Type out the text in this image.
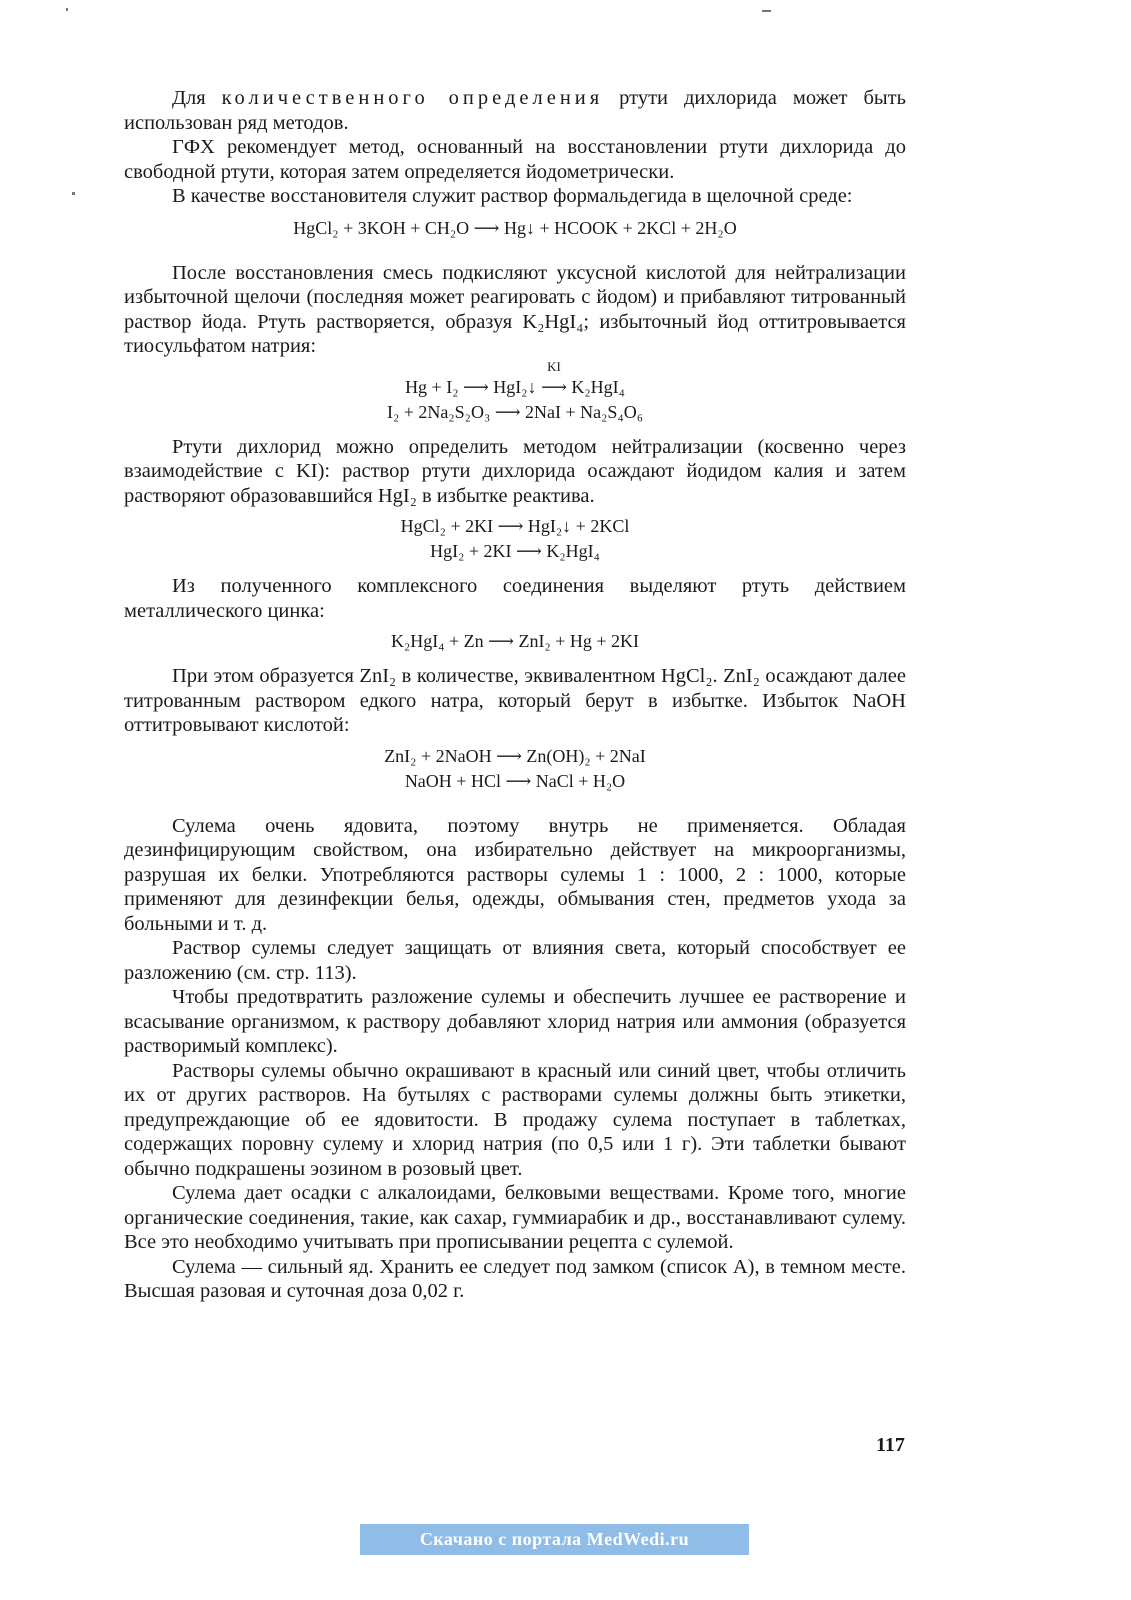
Для количественного определения ртути дихлорида может быть использован ряд методов.

ГФХ рекомендует метод, основанный на восстановлении ртути дихлорида до свободной ртути, которая затем определяется йодометрически.

В качестве восстановителя служит раствор формальдегида в щелочной среде:

HgCl₂ + 3KOH + CH₂O ⟶ Hg↓ + HCOOK + 2KCl + 2H₂O

После восстановления смесь подкисляют уксусной кислотой для нейтрализации избыточной щелочи (последняя может реагировать с йодом) и прибавляют титрованный раствор йода. Ртуть растворяется, образуя K₂HgI₄; избыточный йод оттитровывается тиосульфатом натрия:

Hg + I₂ ⟶ HgI₂↓
KI
⟶ K₂HgI₄

I₂ + 2Na₂S₂O₃ ⟶ 2NaI + Na₂S₄O₆

Ртути дихлорид можно определить методом нейтрализации (косвенно через взаимодействие с KI): раствор ртути дихлорида осаждают йодидом калия и затем растворяют образовавшийся HgI₂ в избытке реактива.

HgCl₂ + 2KI ⟶ HgI₂↓ + 2KCl

HgI₂ + 2KI ⟶ K₂HgI₄

Из полученного комплексного соединения выделяют ртуть действием металлического цинка:

K₂HgI₄ + Zn ⟶ ZnI₂ + Hg + 2KI

При этом образуется ZnI₂ в количестве, эквивалентном HgCl₂. ZnI₂ осаждают далее титрованным раствором едкого натра, который берут в избытке. Избыток NaOH оттитровывают кислотой:

ZnI₂ + 2NaOH ⟶ Zn(OH)₂ + 2NaI

NaOH + HCl ⟶ NaCl + H₂O

Сулема очень ядовита, поэтому внутрь не применяется. Обладая дезинфицирующим свойством, она избирательно действует на микроорганизмы, разрушая их белки. Употребляются растворы сулемы 1 : 1000, 2 : 1000, которые применяют для дезинфекции белья, одежды, обмывания стен, предметов ухода за больными и т. д.

Раствор сулемы следует защищать от влияния света, который способствует ее разложению (см. стр. 113).

Чтобы предотвратить разложение сулемы и обеспечить лучшее ее растворение и всасывание организмом, к раствору добавляют хлорид натрия или аммония (образуется растворимый комплекс).

Растворы сулемы обычно окрашивают в красный или синий цвет, чтобы отличить их от других растворов. На бутылях с растворами сулемы должны быть этикетки, предупреждающие об ее ядовитости. В продажу сулема поступает в таблетках, содержащих поровну сулему и хлорид натрия (по 0,5 или 1 г). Эти таблетки бывают обычно подкрашены эозином в розовый цвет.

Сулема дает осадки с алкалоидами, белковыми веществами. Кроме того, многие органические соединения, такие, как сахар, гуммиарабик и др., восстанавливают сулему. Все это необходимо учитывать при прописывании рецепта с сулемой.

Сулема — сильный яд. Хранить ее следует под замком (список А), в темном месте. Высшая разовая и суточная доза 0,02 г.

117
Скачано с портала MedWedi.ru
